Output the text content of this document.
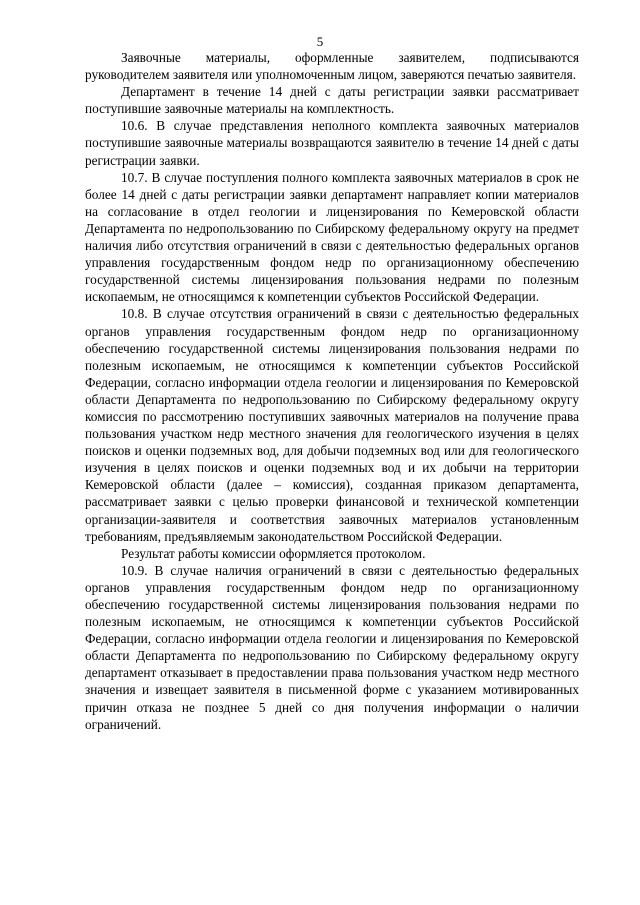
5

Заявочные материалы, оформленные заявителем, подписываются руководителем заявителя или уполномоченным лицом, заверяются печатью заявителя.

Департамент в течение 14 дней с даты регистрации заявки рассматривает поступившие заявочные материалы на комплектность.

10.6. В случае представления неполного комплекта заявочных материалов поступившие заявочные материалы возвращаются заявителю в течение 14 дней с даты регистрации заявки.

10.7. В случае поступления полного комплекта заявочных материалов в срок не более 14 дней с даты регистрации заявки департамент направляет копии материалов на согласование в отдел геологии и лицензирования по Кемеровской области Департамента по недропользованию по Сибирскому федеральному округу на предмет наличия либо отсутствия ограничений в связи с деятельностью федеральных органов управления государственным фондом недр по организационному обеспечению государственной системы лицензирования пользования недрами по полезным ископаемым, не относящимся к компетенции субъектов Российской Федерации.

10.8. В случае отсутствия ограничений в связи с деятельностью федеральных органов управления государственным фондом недр по организационному обеспечению государственной системы лицензирования пользования недрами по полезным ископаемым, не относящимся к компетенции субъектов Российской Федерации, согласно информации отдела геологии и лицензирования по Кемеровской области Департамента по недропользованию по Сибирскому федеральному округу комиссия по рассмотрению поступивших заявочных материалов на получение права пользования участком недр местного значения для геологического изучения в целях поисков и оценки подземных вод, для добычи подземных вод или для геологического изучения в целях поисков и оценки подземных вод и их добычи на территории Кемеровской области (далее – комиссия), созданная приказом департамента, рассматривает заявки с целью проверки финансовой и технической компетенции организации-заявителя и соответствия заявочных материалов установленным требованиям, предъявляемым законодательством Российской Федерации.

Результат работы комиссии оформляется протоколом.

10.9. В случае наличия ограничений в связи с деятельностью федеральных органов управления государственным фондом недр по организационному обеспечению государственной системы лицензирования пользования недрами по полезным ископаемым, не относящимся к компетенции субъектов Российской Федерации, согласно информации отдела геологии и лицензирования по Кемеровской области Департамента по недропользованию по Сибирскому федеральному округу департамент отказывает в предоставлении права пользования участком недр местного значения и извещает заявителя в письменной форме с указанием мотивированных причин отказа не позднее 5 дней со дня получения информации о наличии ограничений.
